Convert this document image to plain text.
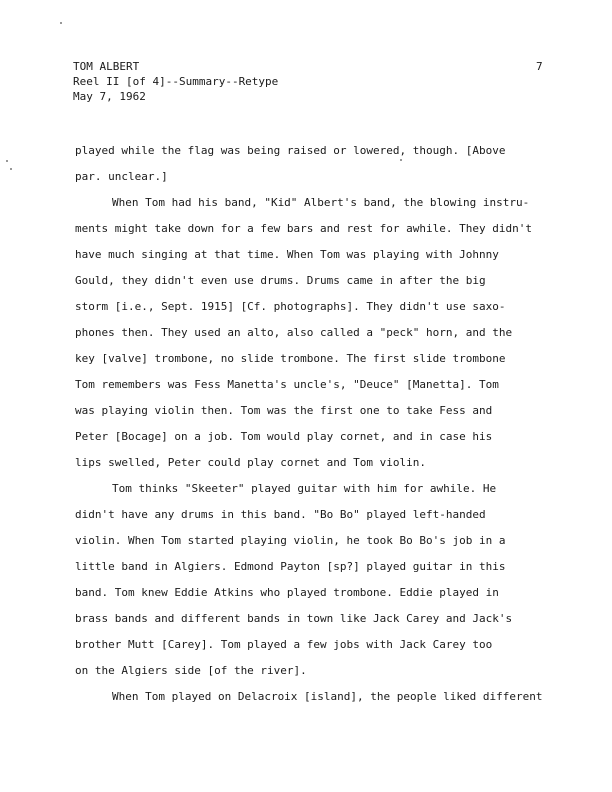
TOM ALBERT
Reel II [of 4]--Summary--Retype
May 7, 1962
7
played while the flag was being raised or lowered, though. [Above
par. unclear.]
When Tom had his band, "Kid" Albert's band, the blowing instru-
ments might take down for a few bars and rest for awhile. They didn't
have much singing at that time. When Tom was playing with Johnny
Gould, they didn't even use drums. Drums came in after the big
storm [i.e., Sept. 1915] [Cf. photographs]. They didn't use saxo-
phones then. They used an alto, also called a "peck" horn, and the
key [valve] trombone, no slide trombone. The first slide trombone
Tom remembers was Fess Manetta's uncle's, "Deuce" [Manetta]. Tom
was playing violin then. Tom was the first one to take Fess and
Peter [Bocage] on a job. Tom would play cornet, and in case his
lips swelled, Peter could play cornet and Tom violin.
Tom thinks "Skeeter" played guitar with him for awhile. He
didn't have any drums in this band. "Bo Bo" played left-handed
violin. When Tom started playing violin, he took Bo Bo's job in a
little band in Algiers. Edmond Payton [sp?] played guitar in this
band. Tom knew Eddie Atkins who played trombone. Eddie played in
brass bands and different bands in town like Jack Carey and Jack's
brother Mutt [Carey]. Tom played a few jobs with Jack Carey too
on the Algiers side [of the river].
When Tom played on Delacroix [island], the people liked different
